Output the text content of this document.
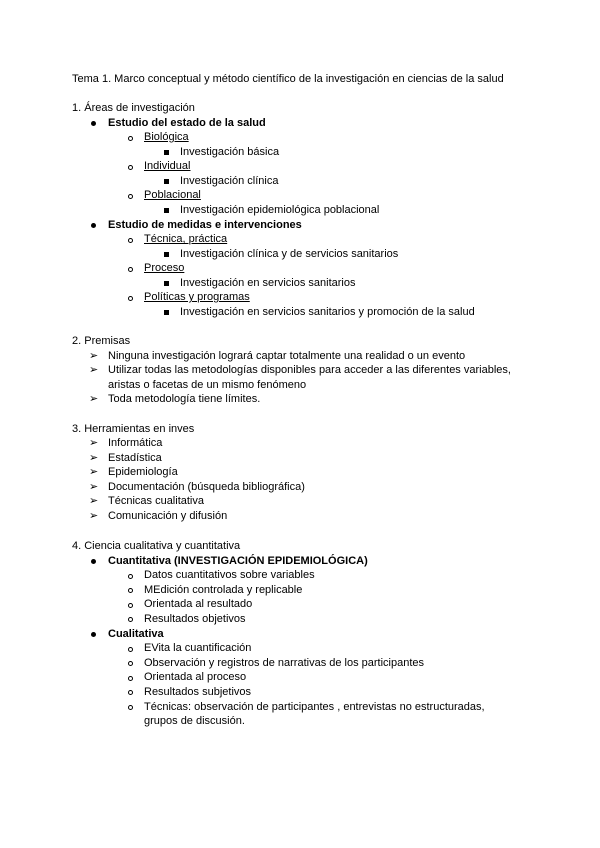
Tema 1. Marco conceptual y método científico de la investigación en ciencias de la salud
1. Áreas de investigación
Estudio del estado de la salud
Biológica
Investigación básica
Individual
Investigación clínica
Poblacional
Investigación epidemiológica poblacional
Estudio de medidas e intervenciones
Técnica, práctica
Investigación clínica y de servicios sanitarios
Proceso
Investigación en servicios sanitarios
Políticas y programas
Investigación en servicios sanitarios y promoción de la salud
2. Premisas
➢ Ninguna investigación logrará captar totalmente una realidad o un evento
➢ Utilizar todas las metodologías disponibles para acceder a las diferentes variables,
aristas o facetas de un mismo fenómeno
➢ Toda metodología tiene límites.
3. Herramientas en inves
➢ Informática
➢ Estadística
➢ Epidemiología
➢ Documentación (búsqueda bibliográfica)
➢ Técnicas cualitativa
➢ Comunicación y difusión
4. Ciencia cualitativa y cuantitativa
Cuantitativa (INVESTIGACIÓN EPIDEMIOLÓGICA)
Datos cuantitativos sobre variables
MEdición controlada y replicable
Orientada al resultado
Resultados objetivos
Cualitativa
EVita la cuantificación
Observación y registros de narrativas de los participantes
Orientada al proceso
Resultados subjetivos
Técnicas: observación de participantes , entrevistas no estructuradas,
grupos de discusión.
